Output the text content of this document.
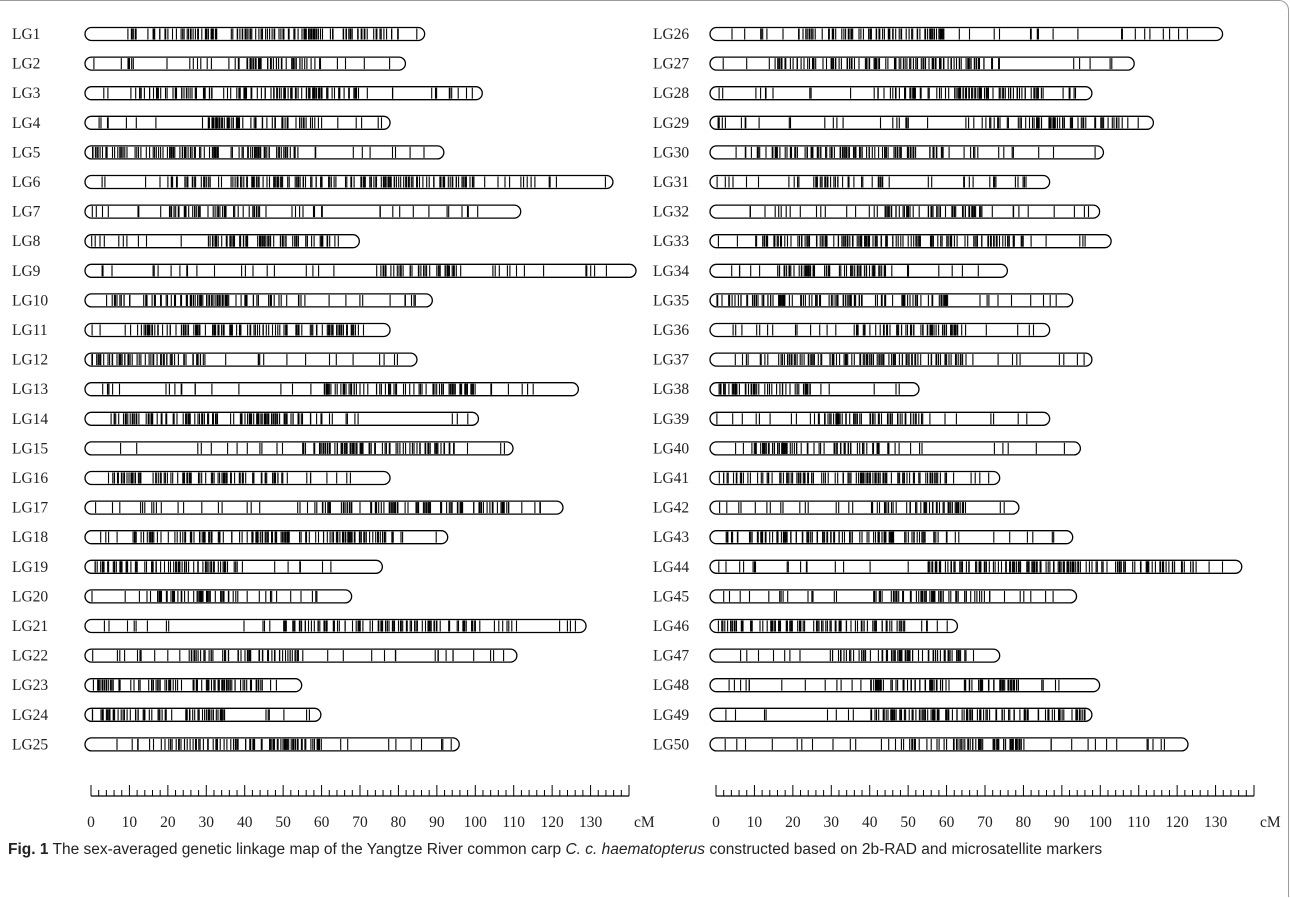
LG1
LG2
LG3
LG4
LG5
LG6
LG7
LG8
LG9
LG10
LG11
LG12
LG13
LG14
LG15
LG16
LG17
LG18
LG19
LG20
LG21
LG22
LG23
LG24
LG25
LG26
LG27
LG28
LG29
LG30
LG31
LG32
LG33
LG34
LG35
LG36
LG37
LG38
LG39
LG40
LG41
LG42
LG43
LG44
LG45
LG46
LG47
LG48
LG49
LG50
0 10 20 30 40 50 60 70 80 90 100 110 120 130 cM	0 10 20 30 40 50 60 70 80 90 100 110 120 130 cM
Fig. 1 The sex-averaged genetic linkage map of the Yangtze River common carp C. c. haematopterus constructed based on 2b-RAD and microsatellite markers
